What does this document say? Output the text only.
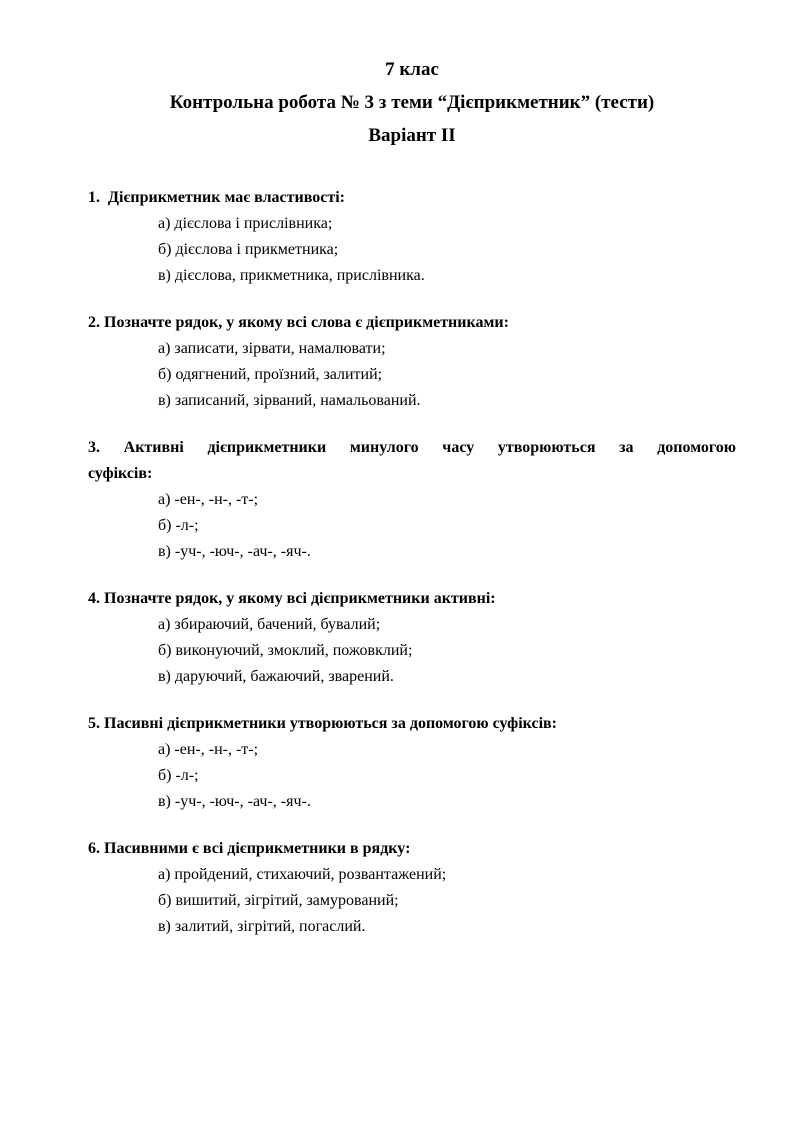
7 клас
Контрольна робота № 3 з теми “Дієприкметник” (тести)
Варіант II
1.  Дієприкметник має властивості:
а) дієслова і прислівника;
б) дієслова і прикметника;
в) дієслова, прикметника, прислівника.
2. Позначте рядок, у якому всі слова є дієприкметниками:
а) записати, зірвати, намалювати;
б) одягнений, проїзний, залитий;
в) записаний, зірваний, намальований.
3. Активні дієприкметники минулого часу утворюються за допомогою
суфіксів:
а) -ен-, -н-, -т-;
б) -л-;
в) -уч-, -юч-, -ач-, -яч-.
4. Позначте рядок, у якому всі дієприкметники активні:
а) збираючий, бачений, бувалий;
б) виконуючий, змоклий, пожовклий;
в) даруючий, бажаючий, зварений.
5. Пасивні дієприкметники утворюються за допомогою суфіксів:
а) -ен-, -н-, -т-;
б) -л-;
в) -уч-, -юч-, -ач-, -яч-.
6. Пасивними є всі дієприкметники в рядку:
а) пройдений, стихаючий, розвантажений;
б) вишитий, зігрітий, замурований;
в) залитий, зігрітий, погаслий.
